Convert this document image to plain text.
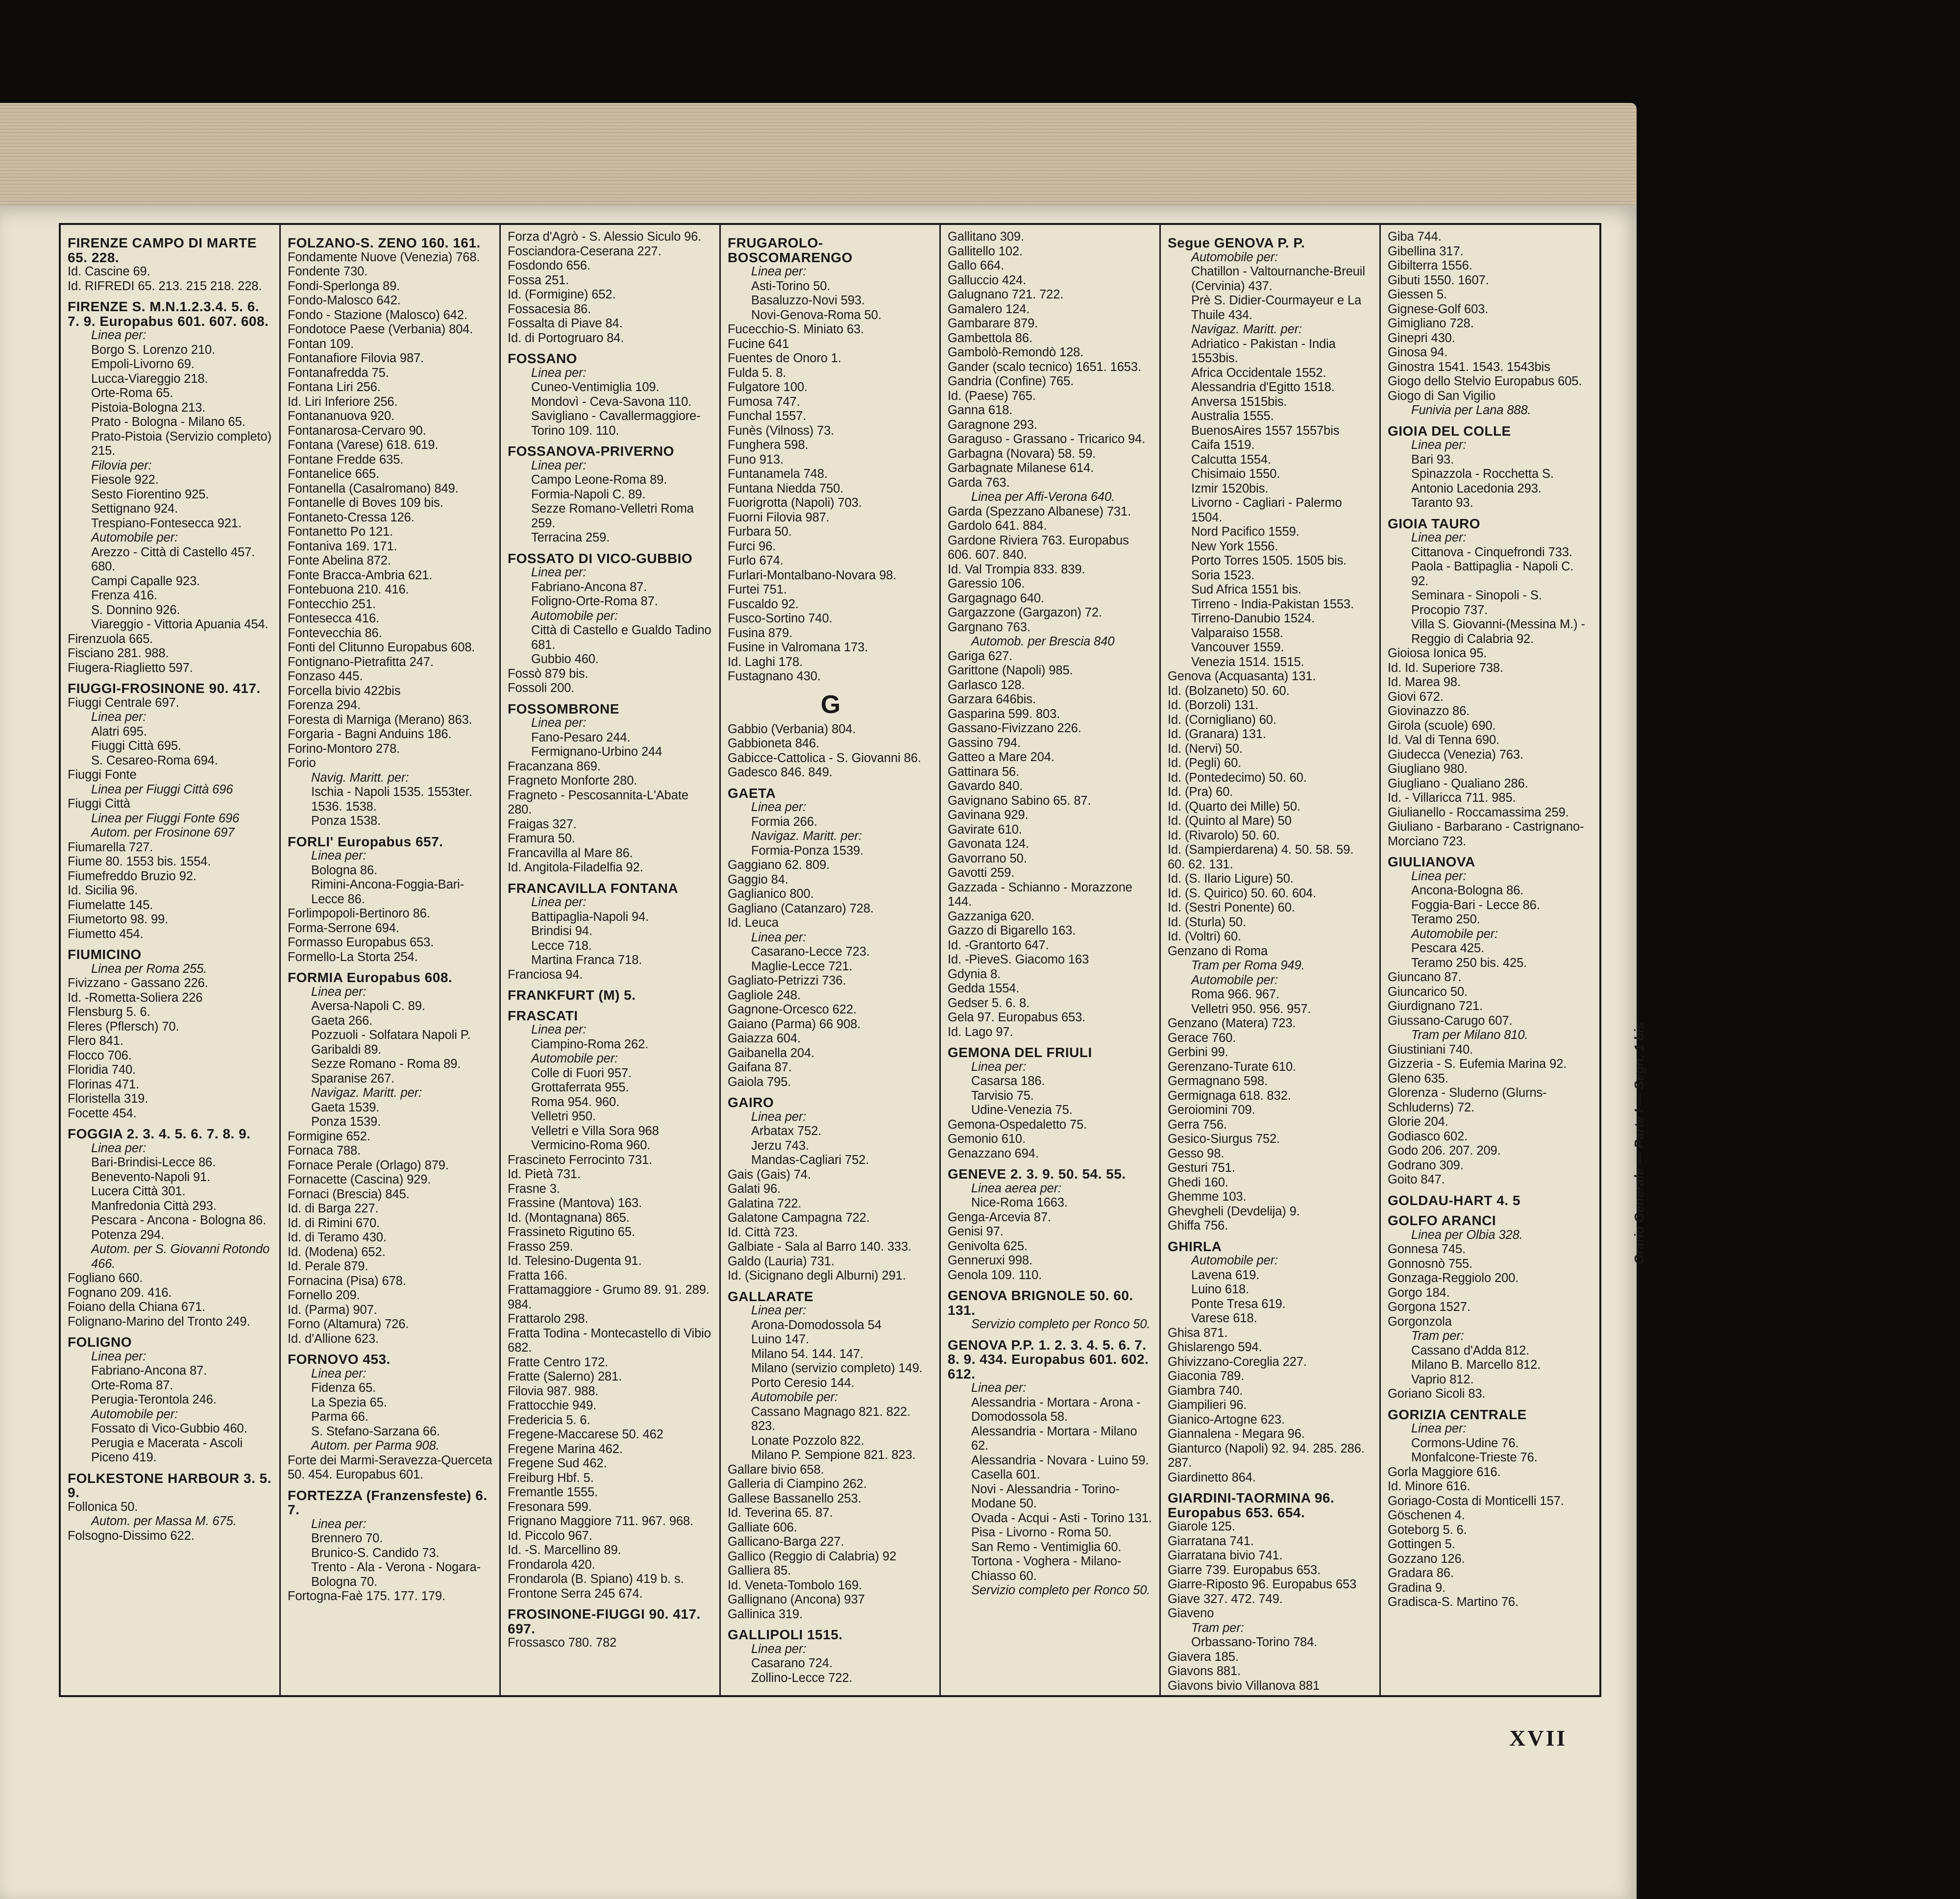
FIRENZE CAMPO DI MARTE 65. 228.
Id. Cascine 69.
Id. RIFREDI 65. 213. 215 218. 228.
FIRENZE S. M.N.1.2.3.4. 5. 6. 7. 9. Europabus 601. 607. 608.
Linea per:
Borgo S. Lorenzo 210.
Empoli-Livorno 69.
Lucca-Viareggio 218.
Orte-Roma 65.
Pistoia-Bologna 213.
Prato - Bologna - Milano 65.
Prato-Pistoia (Servizio completo) 215.
Filovia per:
Fiesole 922.
Sesto Fiorentino 925.
Settignano 924.
Trespiano-Fontesecca 921.
Automobile per:
Arezzo - Città di Castello 457. 680.
Campi Capalle 923.
Frenza 416.
S. Donnino 926.
Viareggio - Vittoria Apuania 454.
Firenzuola 665.
Fisciano 281. 988.
Fiugera-Riaglietto 597.
FIUGGI-FROSINONE 90. 417.
Fiuggi Centrale 697.
Linea per:
Alatri 695.
Fiuggi Città 695.
S. Cesareo-Roma 694.
Fiuggi Fonte
Linea per Fiuggi Città 696
Fiuggi Città
Linea per Fiuggi Fonte 696
Autom. per Frosinone 697
Fiumarella 727.
Fiume 80. 1553 bis. 1554.
Fiumefreddo Bruzio 92.
Id. Sicilia 96.
Fiumelatte 145.
Fiumetorto 98. 99.
Fiumetto 454.
FIUMICINO
Linea per Roma 255.
Fivizzano - Gassano 226.
Id. -Rometta-Soliera 226
Flensburg 5. 6.
Fleres (Pflersch) 70.
Flero 841.
Flocco 706.
Floridia 740.
Florinas 471.
Floristella 319.
Focette 454.
FOGGIA 2. 3. 4. 5. 6. 7. 8. 9.
Linea per:
Bari-Brindisi-Lecce 86.
Benevento-Napoli 91.
Lucera Città 301.
Manfredonia Città 293.
Pescara - Ancona - Bologna 86.
Potenza 294.
Autom. per S. Giovanni Rotondo 466.
Fogliano 660.
Fognano 209. 416.
Foiano della Chiana 671.
Folignano-Marino del Tronto 249.
FOLIGNO
Linea per:
Fabriano-Ancona 87.
Orte-Roma 87.
Perugia-Terontola 246.
Automobile per:
Fossato di Vico-Gubbio 460.
Perugia e Macerata - Ascoli Piceno 419.
FOLKESTONE HARBOUR 3. 5. 9.
Follonica 50.
Autom. per Massa M. 675.
Folsogno-Dissimo 622.
FOLZANO-S. ZENO 160. 161.
Fondamente Nuove (Venezia) 768.
Fondente 730.
Fondi-Sperlonga 89.
Fondo-Malosco 642.
Fondo - Stazione (Malosco) 642.
Fondotoce Paese (Verbania) 804.
Fontan 109.
Fontanafiore Filovia 987.
Fontanafredda 75.
Fontana Liri 256.
Id. Liri Inferiore 256.
Fontananuova 920.
Fontanarosa-Cervaro 90.
Fontana (Varese) 618. 619.
Fontane Fredde 635.
Fontanelice 665.
Fontanella (Casalromano) 849.
Fontanelle di Boves 109 bis.
Fontaneto-Cressa 126.
Fontanetto Po 121.
Fontaniva 169. 171.
Fonte Abelina 872.
Fonte Bracca-Ambria 621.
Fontebuona 210. 416.
Fontecchio 251.
Fontesecca 416.
Fontevecchia 86.
Fonti del Clitunno Europabus 608.
Fontignano-Pietrafitta 247.
Fonzaso 445.
Forcella bivio 422bis
Forenza 294.
Foresta di Marniga (Merano) 863.
Forgaria - Bagni Anduins 186.
Forino-Montoro 278.
Forio
Navig. Maritt. per:
Ischia - Napoli 1535. 1553ter. 1536. 1538.
Ponza 1538.
FORLI' Europabus 657.
Linea per:
Bologna 86.
Rimini-Ancona-Foggia-Bari-Lecce 86.
Forlimpopoli-Bertinoro 86.
Forma-Serrone 694.
Formasso Europabus 653.
Formello-La Storta 254.
FORMIA Europabus 608.
Linea per:
Aversa-Napoli C. 89.
Gaeta 266.
Pozzuoli - Solfatara Napoli P. Garibaldi 89.
Sezze Romano - Roma 89.
Sparanise 267.
Navigaz. Maritt. per:
Gaeta 1539.
Ponza 1539.
Formigine 652.
Fornaca 788.
Fornace Perale (Orlago) 879.
Fornacette (Cascina) 929.
Fornaci (Brescia) 845.
Id. di Barga 227.
Id. di Rimini 670.
Id. di Teramo 430.
Id. (Modena) 652.
Id. Perale 879.
Fornacina (Pisa) 678.
Fornello 209.
Id. (Parma) 907.
Forno (Altamura) 726.
Id. d'Allione 623.
FORNOVO 453.
Linea per:
Fidenza 65.
La Spezia 65.
Parma 66.
S. Stefano-Sarzana 66.
Autom. per Parma 908.
Forte dei Marmi-Seravezza-Querceta 50. 454. Europabus 601.
FORTEZZA (Franzensfeste) 6. 7.
Linea per:
Brennero 70.
Brunico-S. Candido 73.
Trento - Ala - Verona - Nogara-Bologna 70.
Fortogna-Faè 175. 177. 179.
Forza d'Agrò - S. Alessio Siculo 96.
Fosciandora-Ceserana 227.
Fosdondo 656.
Fossa 251.
Id. (Formigine) 652.
Fossacesia 86.
Fossalta di Piave 84.
Id. di Portogruaro 84.
FOSSANO
Linea per:
Cuneo-Ventimiglia 109.
Mondovì - Ceva-Savona 110.
Savigliano - Cavallermaggiore-Torino 109. 110.
FOSSANOVA-PRIVERNO
Linea per:
Campo Leone-Roma 89.
Formia-Napoli C. 89.
Sezze Romano-Velletri Roma 259.
Terracina 259.
FOSSATO DI VICO-GUBBIO
Linea per:
Fabriano-Ancona 87.
Foligno-Orte-Roma 87.
Automobile per:
Città di Castello e Gualdo Tadino 681.
Gubbio 460.
Fossò 879 bis.
Fossoli 200.
FOSSOMBRONE
Linea per:
Fano-Pesaro 244.
Fermignano-Urbino 244
Fracanzana 869.
Fragneto Monforte 280.
Fragneto - Pescosannita-L'Abate 280.
Fraigas 327.
Framura 50.
Francavilla al Mare 86.
Id. Angitola-Filadelfia 92.
FRANCAVILLA FONTANA
Linea per:
Battipaglia-Napoli 94.
Brindisi 94.
Lecce 718.
Martina Franca 718.
Franciosa 94.
FRANKFURT (M) 5.
FRASCATI
Linea per:
Ciampino-Roma 262.
Automobile per:
Colle di Fuori 957.
Grottaferrata 955.
Roma 954. 960.
Velletri 950.
Velletri e Villa Sora 968
Vermicino-Roma 960.
Frascineto Ferrocinto 731.
Id. Pietà 731.
Frasne 3.
Frassine (Mantova) 163.
Id. (Montagnana) 865.
Frassineto Rigutino 65.
Frasso 259.
Id. Telesino-Dugenta 91.
Fratta 166.
Frattamaggiore - Grumo 89. 91. 289. 984.
Frattarolo 298.
Fratta Todina - Montecastello di Vibio 682.
Fratte Centro 172.
Fratte (Salerno) 281.
Filovia 987. 988.
Frattocchie 949.
Fredericia 5. 6.
Fregene-Maccarese 50. 462
Fregene Marina 462.
Fregene Sud 462.
Freiburg Hbf. 5.
Fremantle 1555.
Fresonara 599.
Frignano Maggiore 711. 967. 968.
Id. Piccolo 967.
Id. -S. Marcellino 89.
Frondarola 420.
Frondarola (B. Spiano) 419 b. s.
Frontone Serra 245 674.
FROSINONE-FIUGGI 90. 417. 697.
Frossasco 780. 782
FRUGAROLO-BOSCOMARENGO
Linea per:
Asti-Torino 50.
Basaluzzo-Novi 593.
Novi-Genova-Roma 50.
Fucecchio-S. Miniato 63.
Fucine 641
Fuentes de Onoro 1.
Fulda 5. 8.
Fulgatore 100.
Fumosa 747.
Funchal 1557.
Funès (Vilnoss) 73.
Funghera 598.
Funo 913.
Funtanamela 748.
Funtana Niedda 750.
Fuorigrotta (Napoli) 703.
Fuorni Filovia 987.
Furbara 50.
Furci 96.
Furlo 674.
Furlari-Montalbano-Novara 98.
Furtei 751.
Fuscaldo 92.
Fusco-Sortino 740.
Fusina 879.
Fusine in Valromana 173.
Id. Laghi 178.
Fustagnano 430.
G
Gabbio (Verbania) 804.
Gabbioneta 846.
Gabicce-Cattolica - S. Giovanni 86.
Gadesco 846. 849.
GAETA
Linea per:
Formia 266.
Navigaz. Maritt. per:
Formia-Ponza 1539.
Gaggiano 62. 809.
Gaggio 84.
Gaglianico 800.
Gagliano (Catanzaro) 728.
Id. Leuca
Linea per:
Casarano-Lecce 723.
Maglie-Lecce 721.
Gagliato-Petrizzi 736.
Gagliole 248.
Gagnone-Orcesco 622.
Gaiano (Parma) 66 908.
Gaiazza 604.
Gaibanella 204.
Gaifana 87.
Gaiola 795.
GAIRO
Linea per:
Arbatax 752.
Jerzu 743.
Mandas-Cagliari 752.
Gais (Gais) 74.
Galati 96.
Galatina 722.
Galatone Campagna 722.
Id. Città 723.
Galbiate - Sala al Barro 140. 333.
Galdo (Lauria) 731.
Id. (Sicignano degli Alburni) 291.
GALLARATE
Linea per:
Arona-Domodossola 54
Luino 147.
Milano 54. 144. 147.
Milano (servizio completo) 149.
Porto Ceresio 144.
Automobile per:
Cassano Magnago 821. 822. 823.
Lonate Pozzolo 822.
Milano P. Sempione 821. 823.
Gallare bivio 658.
Galleria di Ciampino 262.
Gallese Bassanello 253.
Id. Teverina 65. 87.
Galliate 606.
Gallicano-Barga 227.
Gallico (Reggio di Calabria) 92
Galliera 85.
Id. Veneta-Tombolo 169.
Gallignano (Ancona) 937
Gallinica 319.
GALLIPOLI 1515.
Linea per:
Casarano 724.
Zollino-Lecce 722.
Gallitano 309.
Gallitello 102.
Gallo 664.
Galluccio 424.
Galugnano 721. 722.
Gamalero 124.
Gambarare 879.
Gambettola 86.
Gambolò-Remondò 128.
Gander (scalo tecnico) 1651. 1653.
Gandria (Confine) 765.
Id. (Paese) 765.
Ganna 618.
Garagnone 293.
Garaguso - Grassano - Tricarico 94.
Garbagna (Novara) 58. 59.
Garbagnate Milanese 614.
Garda 763.
Linea per Affi-Verona 640.
Garda (Spezzano Albanese) 731.
Gardolo 641. 884.
Gardone Riviera 763. Europabus 606. 607. 840.
Id. Val Trompia 833. 839.
Garessio 106.
Gargagnago 640.
Gargazzone (Gargazon) 72.
Gargnano 763.
Automob. per Brescia 840
Gariga 627.
Garittone (Napoli) 985.
Garlasco 128.
Garzara 646bis.
Gasparina 599. 803.
Gassano-Fivizzano 226.
Gassino 794.
Gatteo a Mare 204.
Gattinara 56.
Gavardo 840.
Gavignano Sabino 65. 87.
Gavinana 929.
Gavirate 610.
Gavonata 124.
Gavorrano 50.
Gavotti 259.
Gazzada - Schianno - Morazzone 144.
Gazzaniga 620.
Gazzo di Bigarello 163.
Id. -Grantorto 647.
Id. -PieveS. Giacomo 163
Gdynia 8.
Gedda 1554.
Gedser 5. 6. 8.
Gela 97. Europabus 653.
Id. Lago 97.
GEMONA DEL FRIULI
Linea per:
Casarsa 186.
Tarvisio 75.
Udine-Venezia 75.
Gemona-Ospedaletto 75.
Gemonio 610.
Genazzano 694.
GENEVE 2. 3. 9. 50. 54. 55.
Linea aerea per:
Nice-Roma 1663.
Genga-Arcevia 87.
Genisi 97.
Genivolta 625.
Genneruxi 998.
Genola 109. 110.
GENOVA BRIGNOLE 50. 60. 131.
Servizio completo per Ronco 50.
GENOVA P.P. 1. 2. 3. 4. 5. 6. 7. 8. 9. 434. Europabus 601. 602. 612.
Linea per:
Alessandria - Mortara - Arona -Domodossola 58.
Alessandria - Mortara - Milano 62.
Alessandria - Novara - Luino 59.
Casella 601.
Novi - Alessandria - Torino-Modane 50.
Ovada - Acqui - Asti - Torino 131.
Pisa - Livorno - Roma 50.
San Remo - Ventimiglia 60.
Tortona - Voghera - Milano-Chiasso 60.
Servizio completo per Ronco 50.
Segue GENOVA P. P.
Automobile per:
Chatillon - Valtournanche-Breuil (Cervinia) 437.
Prè S. Didier-Courmayeur e La Thuile 434.
Navigaz. Maritt. per:
Adriatico - Pakistan - India 1553bis.
Africa Occidentale 1552.
Alessandria d'Egitto 1518.
Anversa 1515bis.
Australia 1555.
BuenosAires 1557 1557bis
Caifa 1519.
Calcutta 1554.
Chisimaio 1550.
Izmir 1520bis.
Livorno - Cagliari - Palermo 1504.
Nord Pacifico 1559.
New York 1556.
Porto Torres 1505. 1505 bis.
Soria 1523.
Sud Africa 1551 bis.
Tirreno - India-Pakistan 1553.
Tirreno-Danubio 1524.
Valparaiso 1558.
Vancouver 1559.
Venezia 1514. 1515.
Genova (Acquasanta) 131.
Id. (Bolzaneto) 50. 60.
Id. (Borzoli) 131.
Id. (Cornigliano) 60.
Id. (Granara) 131.
Id. (Nervi) 50.
Id. (Pegli) 60.
Id. (Pontedecimo) 50. 60.
Id. (Pra) 60.
Id. (Quarto dei Mille) 50.
Id. (Quinto al Mare) 50
Id. (Rivarolo) 50. 60.
Id. (Sampierdarena) 4. 50. 58. 59. 60. 62. 131.
Id. (S. Ilario Ligure) 50.
Id. (S. Quirico) 50. 60. 604.
Id. (Sestri Ponente) 60.
Id. (Sturla) 50.
Id. (Voltri) 60.
Genzano di Roma
Tram per Roma 949.
Automobile per:
Roma 966. 967.
Velletri 950. 956. 957.
Genzano (Matera) 723.
Gerace 760.
Gerbini 99.
Gerenzano-Turate 610.
Germagnano 598.
Germignaga 618. 832.
Geroiomini 709.
Gerra 756.
Gesico-Siurgus 752.
Gesso 98.
Gesturi 751.
Ghedi 160.
Ghemme 103.
Ghevgheli (Devdelija) 9.
Ghiffa 756.
GHIRLA
Automobile per:
Lavena 619.
Luino 618.
Ponte Tresa 619.
Varese 618.
Ghisa 871.
Ghislarengo 594.
Ghivizzano-Coreglia 227.
Giaconia 789.
Giambra 740.
Giampilieri 96.
Gianico-Artogne 623.
Giannalena - Megara 96.
Gianturco (Napoli) 92. 94. 285. 286. 287.
Giardinetto 864.
GIARDINI-TAORMINA 96. Europabus 653. 654.
Giarole 125.
Giarratana 741.
Giarratana bivio 741.
Giarre 739. Europabus 653.
Giarre-Riposto 96. Europabus 653
Giave 327. 472. 749.
Giaveno
Tram per:
Orbassano-Torino 784.
Giavera 185.
Giavons 881.
Giavons bivio Villanova 881
Giba 744.
Gibellina 317.
Gibilterra 1556.
Gibuti 1550. 1607.
Giessen 5.
Gignese-Golf 603.
Gimigliano 728.
Ginepri 430.
Ginosa 94.
Ginostra 1541. 1543. 1543bis
Giogo dello Stelvio Europabus 605.
Giogo di San Vigilio
Funivia per Lana 888.
GIOIA DEL COLLE
Linea per:
Bari 93.
Spinazzola - Rocchetta S. Antonio Lacedonia 293.
Taranto 93.
GIOIA TAURO
Linea per:
Cittanova - Cinquefrondi 733.
Paola - Battipaglia - Napoli C. 92.
Seminara - Sinopoli - S. Procopio 737.
Villa S. Giovanni-(Messina M.) - Reggio di Calabria 92.
Gioiosa Ionica 95.
Id. Id. Superiore 738.
Id. Marea 98.
Giovi 672.
Giovinazzo 86.
Girola (scuole) 690.
Id. Val di Tenna 690.
Giudecca (Venezia) 763.
Giugliano 980.
Giugliano - Qualiano 286.
Id. - Villaricca 711. 985.
Giulianello - Roccamassima 259.
Giuliano - Barbarano - Castrignano-Morciano 723.
GIULIANOVA
Linea per:
Ancona-Bologna 86.
Foggia-Bari - Lecce 86.
Teramo 250.
Automobile per:
Pescara 425.
Teramo 250 bis. 425.
Giuncano 87.
Giuncarico 50.
Giurdignano 721.
Giussano-Carugo 607.
Tram per Milano 810.
Giustiniani 740.
Gizzeria - S. Eufemia Marina 92.
Gleno 635.
Glorenza - Sluderno (Glurns-Schluderns) 72.
Glorie 204.
Godiasco 602.
Godo 206. 207. 209.
Godrano 309.
Goito 847.
GOLDAU-HART 4. 5
GOLFO ARANCI
Linea per Olbia 328.
Gonnesa 745.
Gonnosnò 755.
Gonzaga-Reggiolo 200.
Gorgo 184.
Gorgona 1527.
Gorgonzola
Tram per:
Cassano d'Adda 812.
Milano B. Marcello 812.
Vaprio 812.
Goriano Sicoli 83.
GORIZIA CENTRALE
Linea per:
Cormons-Udine 76.
Monfalcone-Trieste 76.
Gorla Maggiore 616.
Id. Minore 616.
Goriago-Costa di Monticelli 157.
Göschenen 4.
Goteborg 5. 6.
Gottingen 5.
Gozzano 126.
Gradara 86.
Gradina 9.
Gradisca-S. Martino 76.
Orario Generale — Parte I — Segn. 1 bis
XVII
